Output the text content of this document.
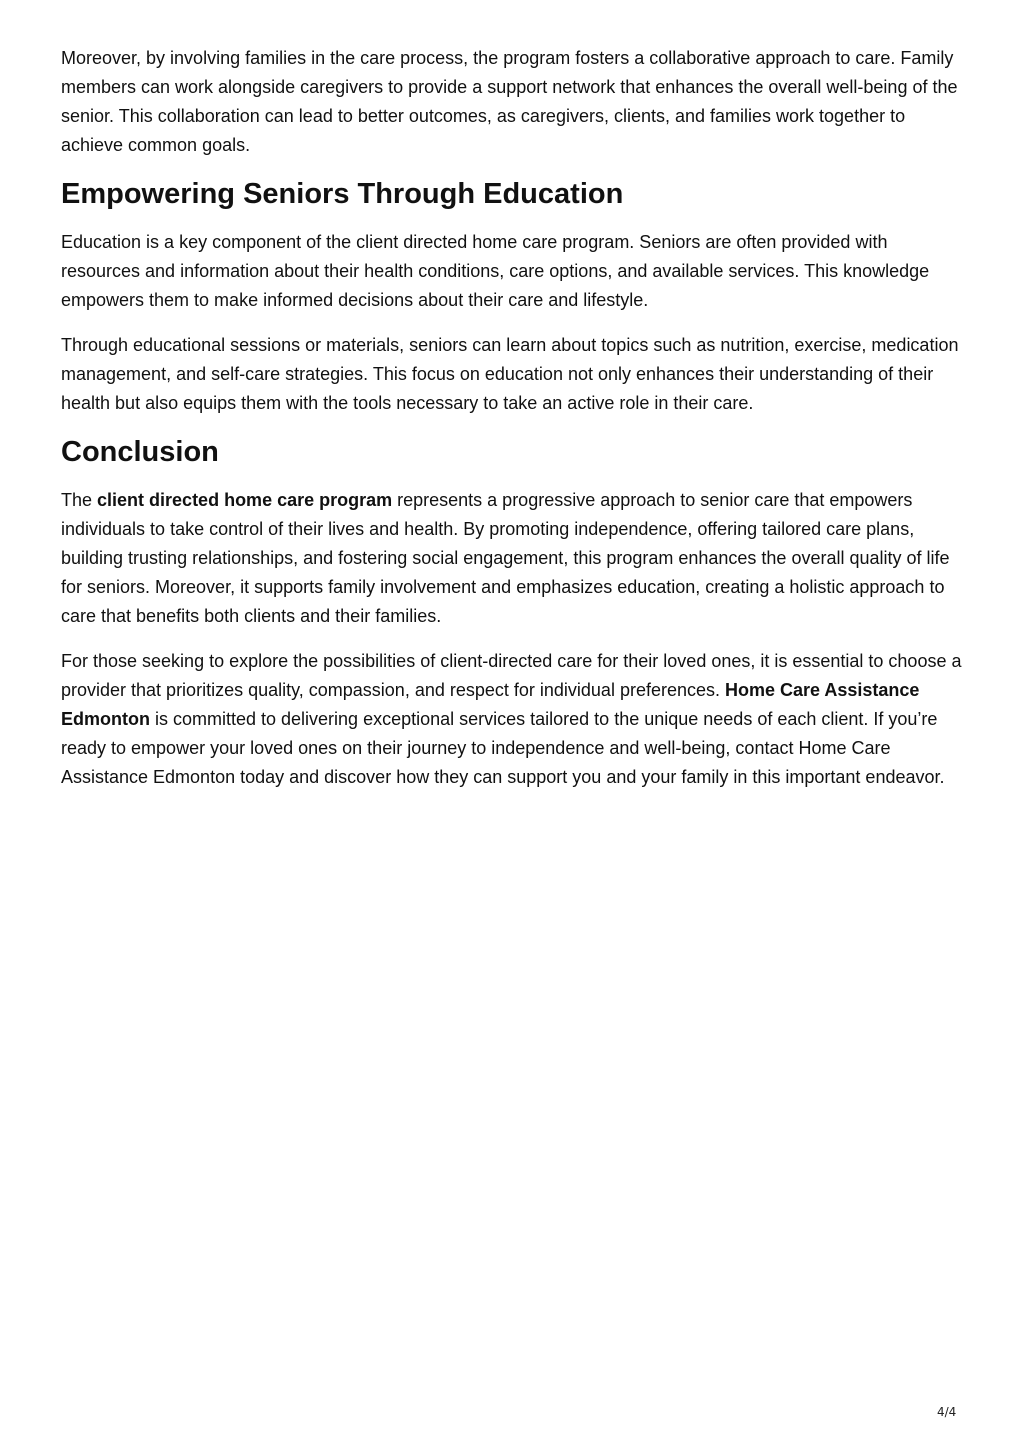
Moreover, by involving families in the care process, the program fosters a collaborative approach to care. Family members can work alongside caregivers to provide a support network that enhances the overall well-being of the senior. This collaboration can lead to better outcomes, as caregivers, clients, and families work together to achieve common goals.

Empowering Seniors Through Education

Education is a key component of the client directed home care program. Seniors are often provided with resources and information about their health conditions, care options, and available services. This knowledge empowers them to make informed decisions about their care and lifestyle.

Through educational sessions or materials, seniors can learn about topics such as nutrition, exercise, medication management, and self-care strategies. This focus on education not only enhances their understanding of their health but also equips them with the tools necessary to take an active role in their care.

Conclusion

The client directed home care program represents a progressive approach to senior care that empowers individuals to take control of their lives and health. By promoting independence, offering tailored care plans, building trusting relationships, and fostering social engagement, this program enhances the overall quality of life for seniors. Moreover, it supports family involvement and emphasizes education, creating a holistic approach to care that benefits both clients and their families.

For those seeking to explore the possibilities of client-directed care for their loved ones, it is essential to choose a provider that prioritizes quality, compassion, and respect for individual preferences. Home Care Assistance Edmonton is committed to delivering exceptional services tailored to the unique needs of each client. If you’re ready to empower your loved ones on their journey to independence and well-being, contact Home Care Assistance Edmonton today and discover how they can support you and your family in this important endeavor.

4/4
